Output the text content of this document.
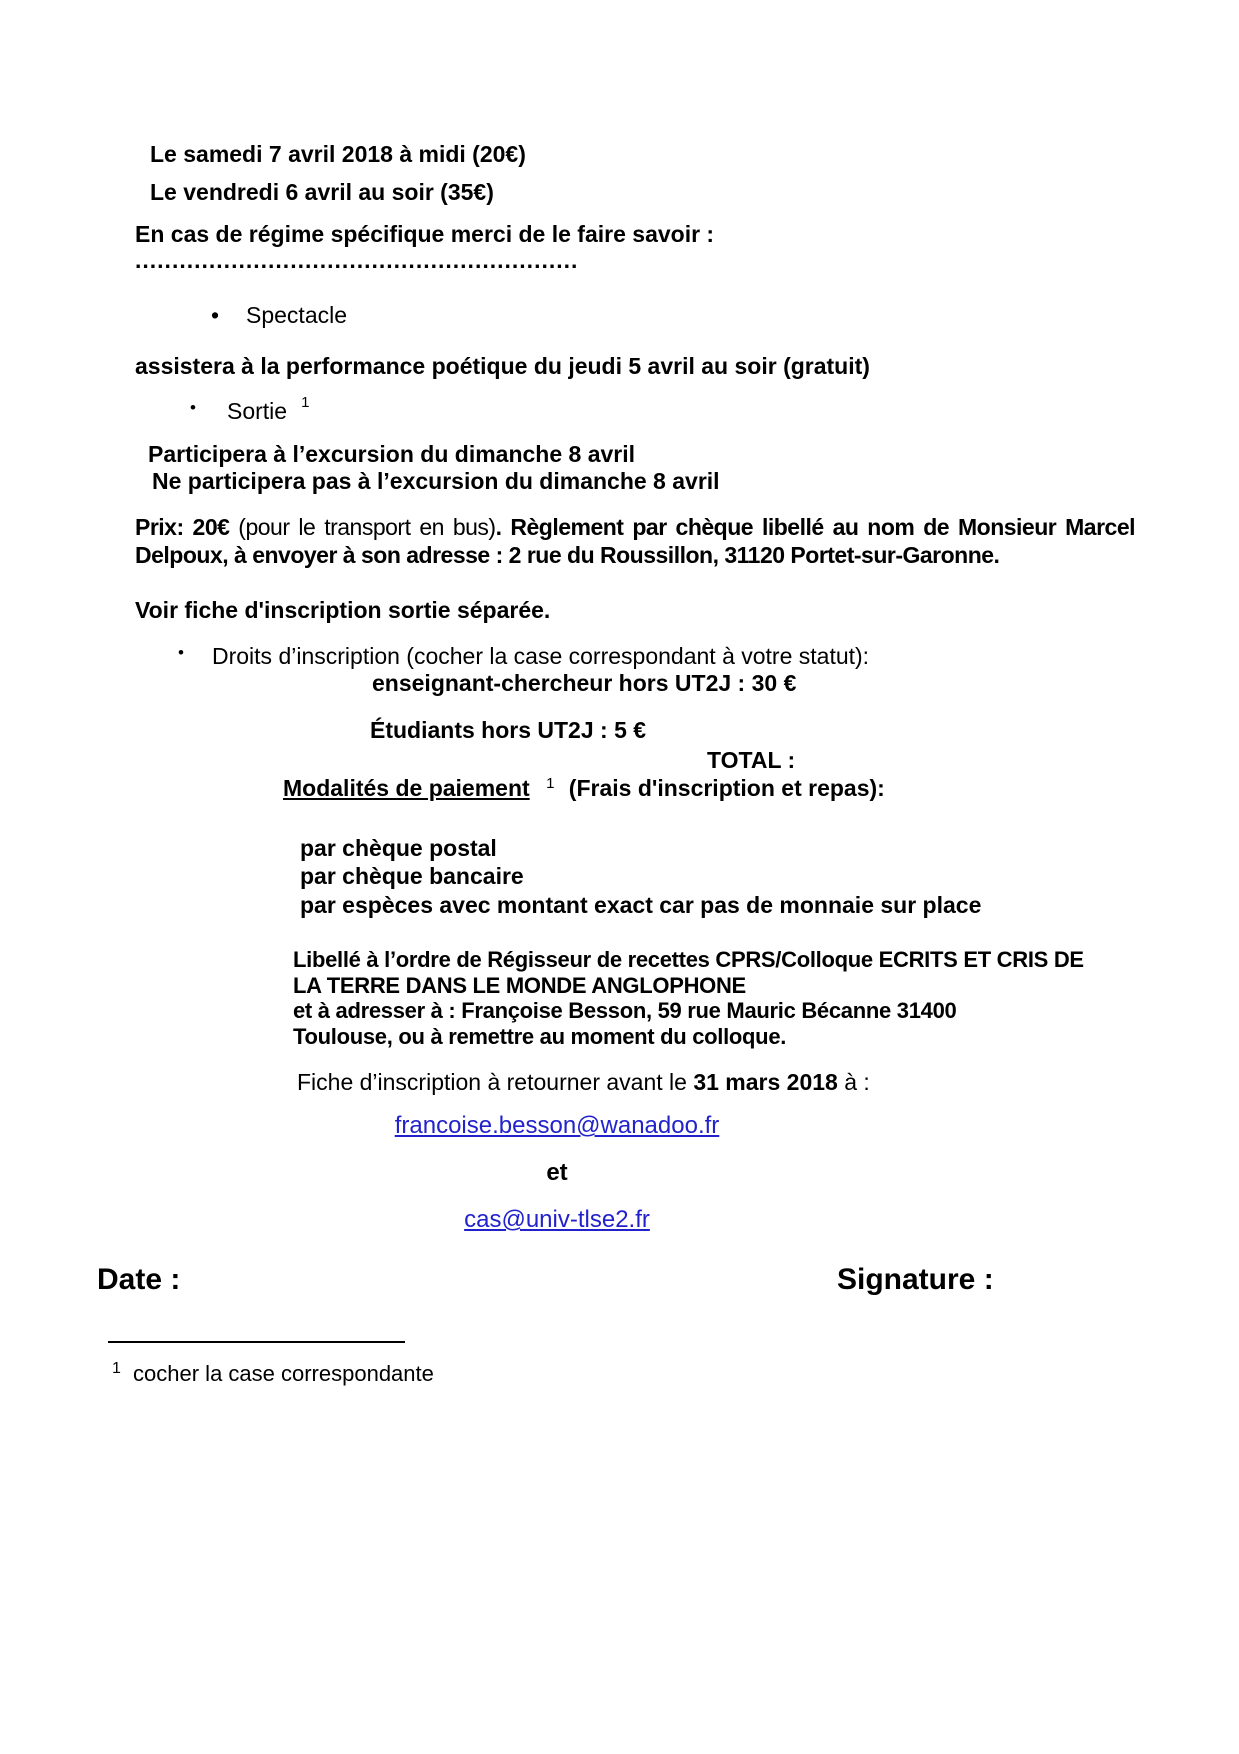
Le samedi 7 avril 2018 à midi (20€)
Le vendredi 6 avril au soir (35€)
En cas de régime spécifique merci de le faire savoir :
............................................................
•	Spectacle
assistera à la performance poétique du jeudi 5 avril au soir (gratuit)
•	Sortie 1
Participera à l’excursion du dimanche 8 avril
Ne participera pas à l’excursion du dimanche 8 avril
Prix: 20€ (pour le transport en bus). Règlement par chèque libellé au nom de Monsieur Marcel Delpoux, à envoyer à son adresse : 2 rue du Roussillon, 31120 Portet-sur-Garonne.
Voir fiche d'inscription sortie séparée.
•	Droits d’inscription (cocher la case correspondant à votre statut):
enseignant-chercheur hors UT2J : 30 €
Étudiants hors UT2J : 5 €
TOTAL :
Modalités de paiement $^1$ (Frais d'inscription et repas):
par chèque postal
par chèque bancaire
par espèces avec montant exact car pas de monnaie sur place
Libellé à l’ordre de Régisseur de recettes CPRS/Colloque ECRITS ET CRIS DE
LA TERRE DANS LE MONDE ANGLOPHONE
et à adresser à : Françoise Besson, 59 rue Mauric Bécanne 31400
Toulouse, ou à remettre au moment du colloque.
Fiche d’inscription à retourner avant le 31 mars 2018 à :
francoise.besson@wanadoo.fr
et
cas@univ-tlse2.fr
Date :	Signature :
$^1$ cocher la case correspondante
